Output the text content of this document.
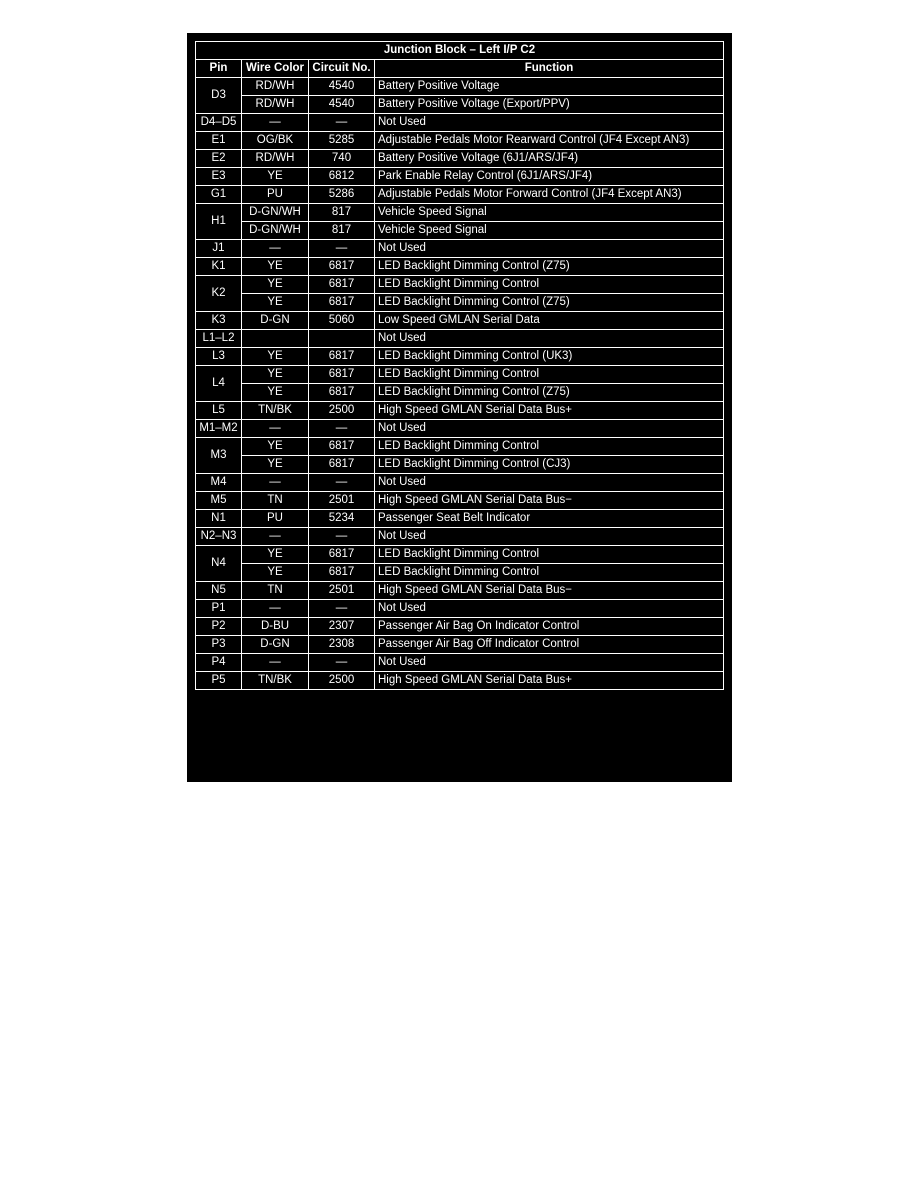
Junction Block – Left I/P C2			
Pin	Wire Color	Circuit No.	Function
D3	RD/WH	4540	Battery Positive Voltage
	RD/WH	4540	Battery Positive Voltage (Export/PPV)
D4–D5	—	—	Not Used
E1	OG/BK	5285	Adjustable Pedals Motor Rearward Control (JF4 Except AN3)
E2	RD/WH	740	Battery Positive Voltage (6J1/ARS/JF4)
E3	YE	6812	Park Enable Relay Control (6J1/ARS/JF4)
G1	PU	5286	Adjustable Pedals Motor Forward Control (JF4 Except AN3)
H1	D-GN/WH	817	Vehicle Speed Signal
	D-GN/WH	817	Vehicle Speed Signal
J1	—	—	Not Used
K1	YE	6817	LED Backlight Dimming Control (Z75)
K2	YE	6817	LED Backlight Dimming Control
	YE	6817	LED Backlight Dimming Control (Z75)
K3	D-GN	5060	Low Speed GMLAN Serial Data
L1–L2			Not Used
L3	YE	6817	LED Backlight Dimming Control (UK3)
L4	YE	6817	LED Backlight Dimming Control
	YE	6817	LED Backlight Dimming Control (Z75)
L5	TN/BK	2500	High Speed GMLAN Serial Data Bus+
M1–M2	—	—	Not Used
M3	YE	6817	LED Backlight Dimming Control
	YE	6817	LED Backlight Dimming Control (CJ3)
M4	—	—	Not Used
M5	TN	2501	High Speed GMLAN Serial Data Bus−
N1	PU	5234	Passenger Seat Belt Indicator
N2–N3	—	—	Not Used
N4	YE	6817	LED Backlight Dimming Control
	YE	6817	LED Backlight Dimming Control
N5	TN	2501	High Speed GMLAN Serial Data Bus−
P1	—	—	Not Used
P2	D-BU	2307	Passenger Air Bag On Indicator Control
P3	D-GN	2308	Passenger Air Bag Off Indicator Control
P4	—	—	Not Used
P5	TN/BK	2500	High Speed GMLAN Serial Data Bus+
